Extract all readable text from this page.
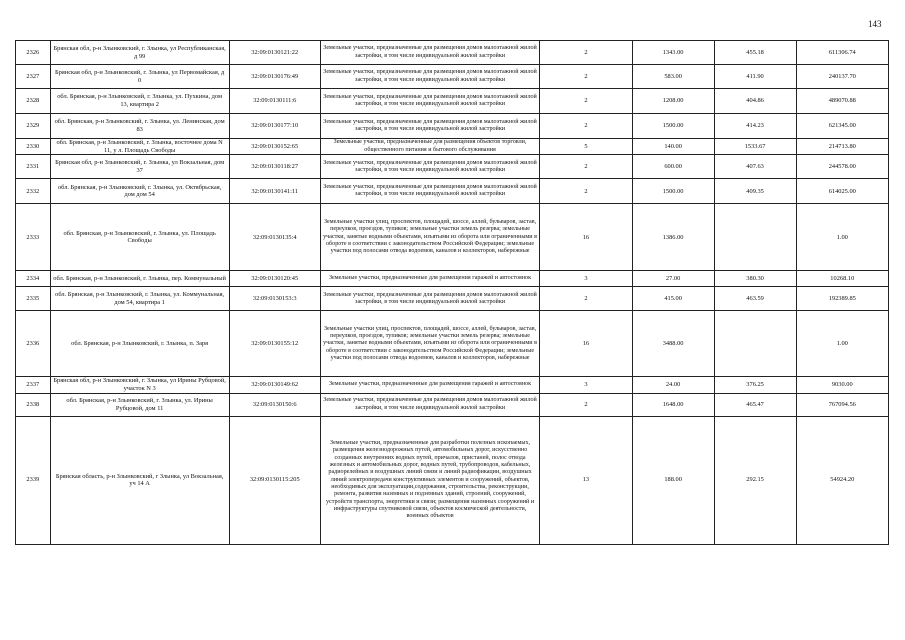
143
2326	Брянская обл, р-н Злынковский, г. Злынка, ул Республиканская, д 99	32:09:0130121:22	Земельные участки, предназначенные для размещения домов малоэтажной жилой застройки, в том числе индивидуальной жилой застройки	2	1343.00	455.18	611306.74
2327	Брянская обл, р-н Злынковский, г. Злынка, ул Первомайская, д 0	32:09:0130176:49	Земельные участки, предназначенные для размещения домов малоэтажной жилой застройки, в том числе индивидуальной жилой застройки	2	583.00	411.90	240137.70
2328	обл. Брянская, р-н Злынковский, г. Злынка, ул. Пухкина, дом 13, квартира 2	32:09:0130111:6	Земельные участки, предназначенные для размещения домов малоэтажной жилой застройки, в том числе индивидуальной жилой застройки	2	1208.00	404.86	489070.88
2329	обл. Брянская, р-н Злынковский, г. Злынка, ул. Ленинская, дом 83	32:09:0130177:10	Земельные участки, предназначенные для размещения домов малоэтажной жилой застройки, в том числе индивидуальной жилой застройки	2	1500.00	414.23	621345.00
2330	обл. Брянская, р-н Злынковский, г. Злынка, восточнее дома N 11, у л. Площадь Свободы	32:09:0130152:65	Земельные участки, предназначенные для размещения объектов торговли, общественного питания и бытового обслуживания	5	140.00	1533.67	214713.80
2331	Брянская обл, р-н Злынковский, г. Злынка, ул Вокзальная, дом 37	32:09:0130118:27	Земельные участки, предназначенные для размещения домов малоэтажной жилой застройки, в том числе индивидуальной жилой застройки	2	600.00	407.63	244578.00
2332	обл. Брянская, р-н Злынковский, г. Злынка, ул. Октябрьская, дом дом 54	32:09:0130141:11	Земельные участки, предназначенные для размещения домов малоэтажной жилой застройки, в том числе индивидуальной жилой застройки	2	1500.00	409.35	614025.00
2333	обл. Брянская, р-н Злынковский, г. Злынка, ул. Площадь Свободы	32:09:0130135:4	Земельные участки улиц, проспектов, площадей, шоссе, аллей, бульваров, застав, переулков, проездов, тупиков; земельные участки земель резерва; земельные участки, занятые водными объектами, изъятыми из оборота или ограниченными в обороте в соответствии с законодательством Российской Федерации; земельные участки под полосами отвода водоемов, каналов и коллекторов, набережные	16	1386.00		1.00
2334	обл. Брянская, р-н Злынковский, г. Злынка, пер. Коммунальный	32:09:0130120:45	Земельные участки, предназначенные для размещения гаражей и автостоянок	3	27.00	380.30	10268.10
2335	обл. Брянская, р-н Злынковский, г. Злынка, ул. Коммунальная, дом 54, квартира 1	32:09:0130153:3	Земельные участки, предназначенные для размещения домов малоэтажной жилой застройки, в том числе индивидуальной жилой застройки	2	415.00	463.59	192389.85
2336	обл. Брянская, р-н Злынковский, г. Злынка, п. Заря	32:09:0130155:12	Земельные участки улиц, проспектов, площадей, шоссе, аллей, бульваров, застав, переулков, проездов, тупиков; земельные участки земель резерва; земельные участки, занятые водными объектами, изъятыми из оборота или ограниченными в обороте в соответствии с законодательством Российской Федерации; земельные участки под полосами отвода водоемов, каналов и коллекторов, набережные	16	3488.00		1.00
2337	Брянская обл, р-н Злынковский, г. Злынка, ул Ирины Рубцовой, участок N 3	32:09:0130149:62	Земельные участки, предназначенные для размещения гаражей и автостоянок	3	24.00	376.25	9030.00
2338	обл. Брянская, р-н Злынковский, г. Злынка, ул. Ирины Рубцовой, дом 11	32:09:0130150:6	Земельные участки, предназначенные для размещения домов малоэтажной жилой застройки, в том числе индивидуальной жилой застройки	2	1648.00	465.47	767094.56
2339	Брянская область, р-н Злынковский, г Злынка, ул Вокзальная, уч 14 А	32:09:0130115:205	Земельные участки, предназначенные для разработки полезных ископаемых, размещения железнодорожных путей, автомобильных дорог, искусственно созданных внутренних водных путей, причалов, пристаней, полос отвода железных и автомобильных дорог, водных путей, трубопроводов, кабельных, радиорелейных и воздушных линий связи и линий радиофикации, воздушных линий электропередачи конструктивных элементов и сооружений, объектов, необходимых для эксплуатации,содержания, строительства, реконструкции, ремонта, развития наземных и подземных зданий, строений, сооружений, устройств транспорта, энергетики и связи; размещения наземных сооружений и инфраструктуры спутниковой связи, объектов космической деятельности, военных объектов	13	188.00	292.15	54924.20
